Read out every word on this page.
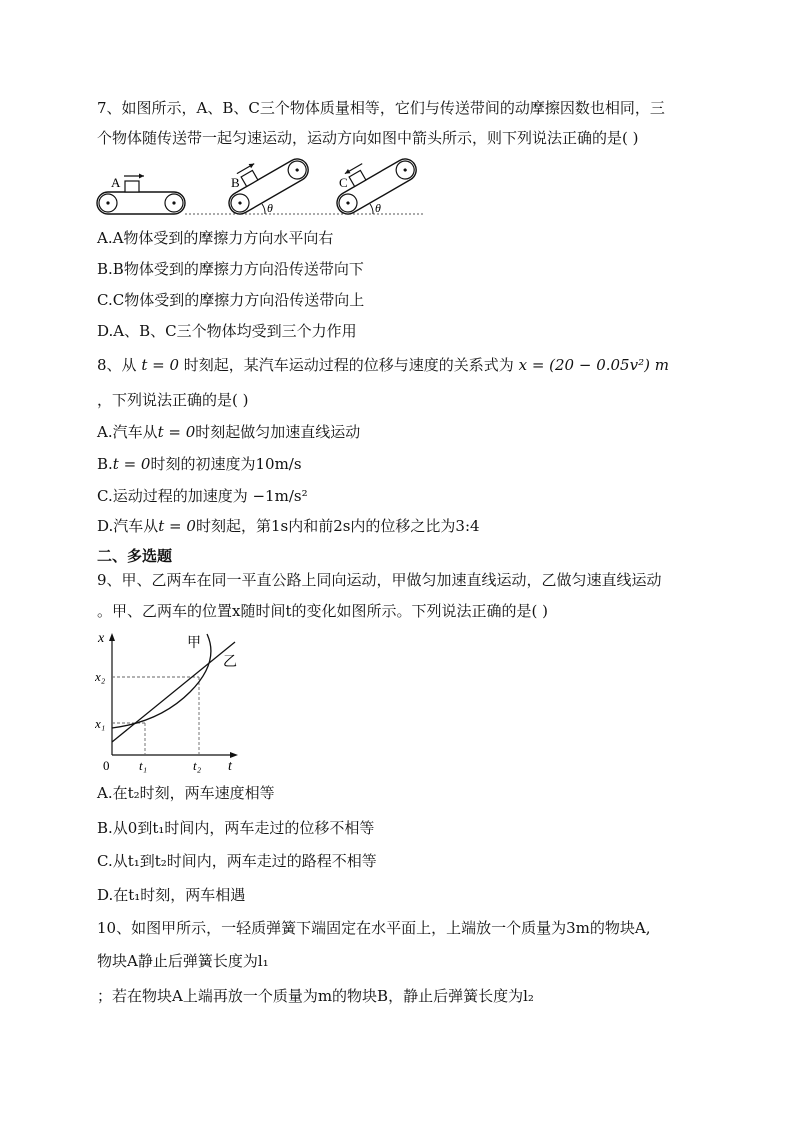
7、如图所示，A、B、C三个物体质量相等，它们与传送带间的动摩擦因数也相同，三
个物体随传送带一起匀速运动，运动方向如图中箭头所示，则下列说法正确的是( )
A	B
θ
C
θ
A.A物体受到的摩擦力方向水平向右
B.B物体受到的摩擦力方向沿传送带向下
C.C物体受到的摩擦力方向沿传送带向上
D.A、B、C三个物体均受到三个力作用
8、从 t = 0 时刻起，某汽车运动过程的位移与速度的关系式为 x = (20 − 0.05v²) m
，下列说法正确的是( )
A.汽车从t = 0时刻起做匀加速直线运动
B.t = 0时刻的初速度为10m/s
C.运动过程的加速度为 −1m/s²
D.汽车从t = 0时刻起，第1s内和前2s内的位移之比为3:4
二、多选题
9、甲、乙两车在同一平直公路上同向运动，甲做匀加速直线运动，乙做匀速直线运动
。甲、乙两车的位置x随时间t的变化如图所示。下列说法正确的是( )
x
t
0
x₂
x₁
t₁	t₂
甲
乙
A.在t₂时刻，两车速度相等
B.从0到t₁时间内，两车走过的位移不相等
C.从t₁到t₂时间内，两车走过的路程不相等
D.在t₁时刻，两车相遇
10、如图甲所示，一轻质弹簧下端固定在水平面上，上端放一个质量为3m的物块A,
物块A静止后弹簧长度为l₁
；若在物块A上端再放一个质量为m的物块B，静止后弹簧长度为l₂
